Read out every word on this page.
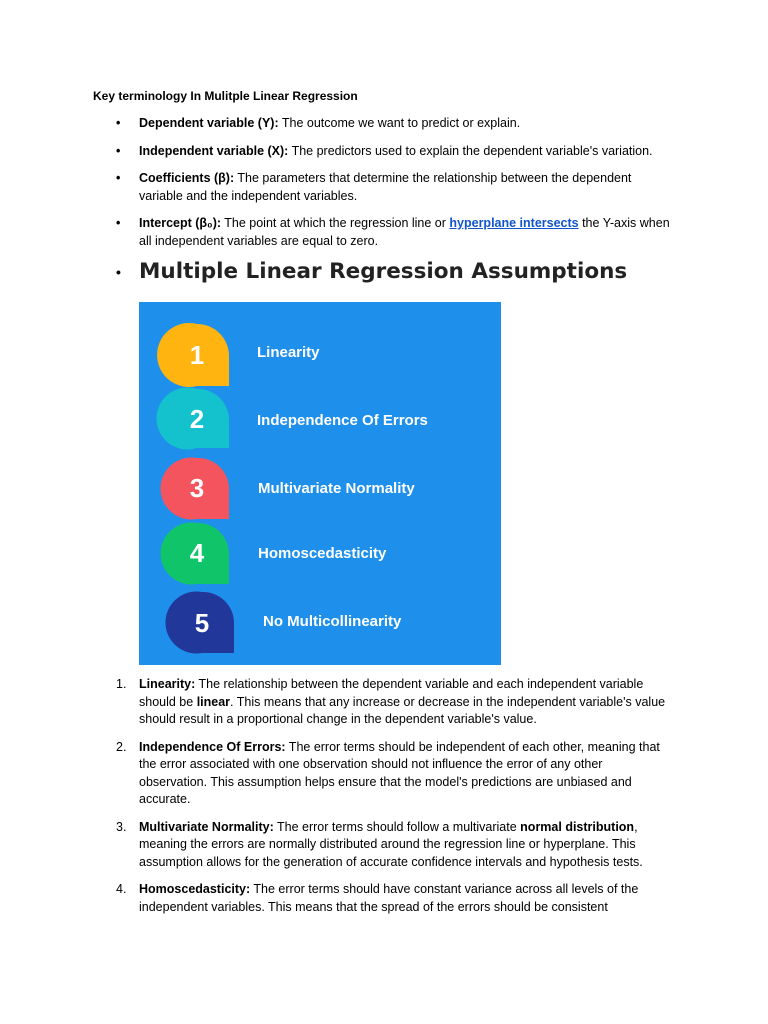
Key terminology In Mulitple Linear Regression
• Dependent variable (Y): The outcome we want to predict or explain.
• Independent variable (X): The predictors used to explain the dependent variable's variation.
• Coefficients (β): The parameters that determine the relationship between the dependent variable and the independent variables.
• Intercept (β₀): The point at which the regression line or hyperplane intersects the Y-axis when all independent variables are equal to zero.
• Multiple Linear Regression Assumptions
1	Linearity
2	Independence Of Errors
3	Multivariate Normality
4	Homoscedasticity
5	No Multicollinearity
1. Linearity: The relationship between the dependent variable and each independent variable should be linear. This means that any increase or decrease in the independent variable's value should result in a proportional change in the dependent variable's value.
2. Independence Of Errors: The error terms should be independent of each other, meaning that the error associated with one observation should not influence the error of any other observation. This assumption helps ensure that the model's predictions are unbiased and accurate.
3. Multivariate Normality: The error terms should follow a multivariate normal distribution, meaning the errors are normally distributed around the regression line or hyperplane. This assumption allows for the generation of accurate confidence intervals and hypothesis tests.
4. Homoscedasticity: The error terms should have constant variance across all levels of the independent variables. This means that the spread of the errors should be consistent
